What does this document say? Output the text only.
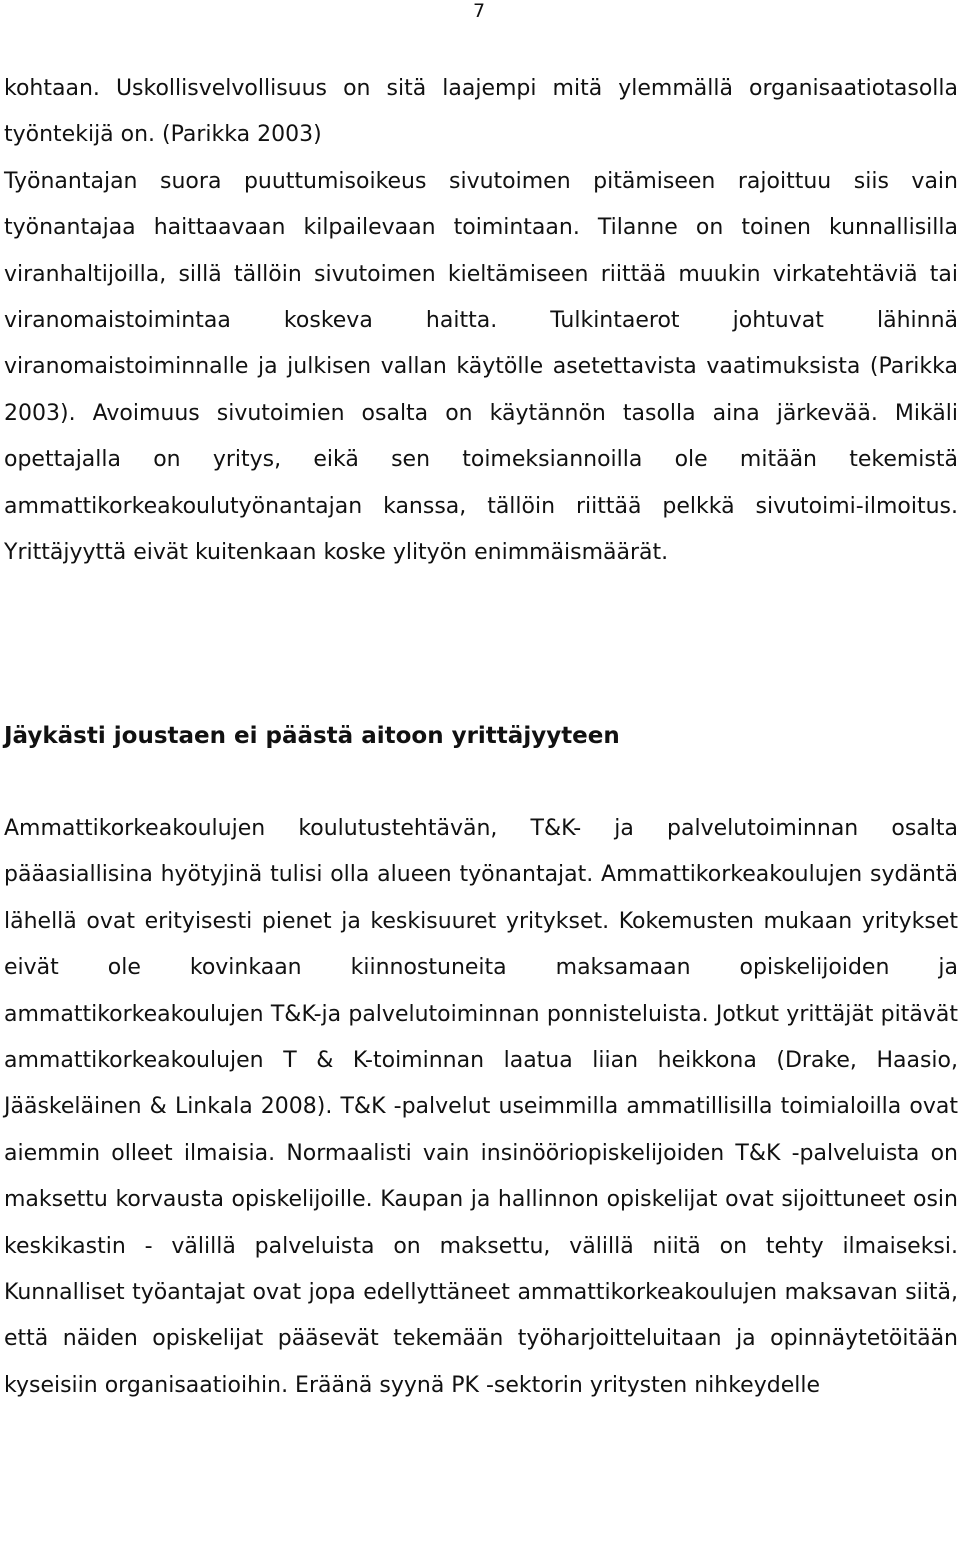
7

kohtaan. Uskollisvelvollisuus on sitä laajempi mitä ylemmällä organisaatiotasolla työntekijä on. (Parikka 2003)

Työnantajan suora puuttumisoikeus sivutoimen pitämiseen rajoittuu siis vain työnantajaa haittaavaan kilpailevaan toimintaan. Tilanne on toinen kunnallisilla viranhaltijoilla, sillä tällöin sivutoimen kieltämiseen riittää muukin virkatehtäviä tai viranomaistoimintaa koskeva haitta. Tulkintaerot johtuvat lähinnä viranomaistoiminnalle ja julkisen vallan käytölle asetettavista vaatimuksista (Parikka 2003). Avoimuus sivutoimien osalta on käytännön tasolla aina järkevää. Mikäli opettajalla on yritys, eikä sen toimeksiannoilla ole mitään tekemistä ammattikorkeakoulutyönantajan kanssa, tällöin riittää pelkkä sivutoimi-ilmoitus. Yrittäjyyttä eivät kuitenkaan koske ylityön enimmäismäärät.

Jäykästi joustaen ei päästä aitoon yrittäjyyteen

Ammattikorkeakoulujen koulutustehtävän, T&K- ja palvelutoiminnan osalta pääasiallisina hyötyjinä tulisi olla alueen työnantajat. Ammattikorkeakoulujen sydäntä lähellä ovat erityisesti pienet ja keskisuuret yritykset. Kokemusten mukaan yritykset eivät ole kovinkaan kiinnostuneita maksamaan opiskelijoiden ja ammattikorkeakoulujen T&K-ja palvelutoiminnan ponnisteluista. Jotkut yrittäjät pitävät ammattikorkeakoulujen T & K-toiminnan laatua liian heikkona (Drake, Haasio, Jääskeläinen & Linkala 2008). T&K -palvelut useimmilla ammatillisilla toimialoilla ovat aiemmin olleet ilmaisia. Normaalisti vain insinööriopiskelijoiden T&K -palveluista on maksettu korvausta opiskelijoille. Kaupan ja hallinnon opiskelijat ovat sijoittuneet osin keskikastin - välillä palveluista on maksettu, välillä niitä on tehty ilmaiseksi. Kunnalliset työantajat ovat jopa edellyttäneet ammattikorkeakoulujen maksavan siitä, että näiden opiskelijat pääsevät tekemään työharjoitteluitaan ja opinnäytetöitään kyseisiin organisaatioihin. Eräänä syynä PK -sektorin yritysten nihkeydelle
